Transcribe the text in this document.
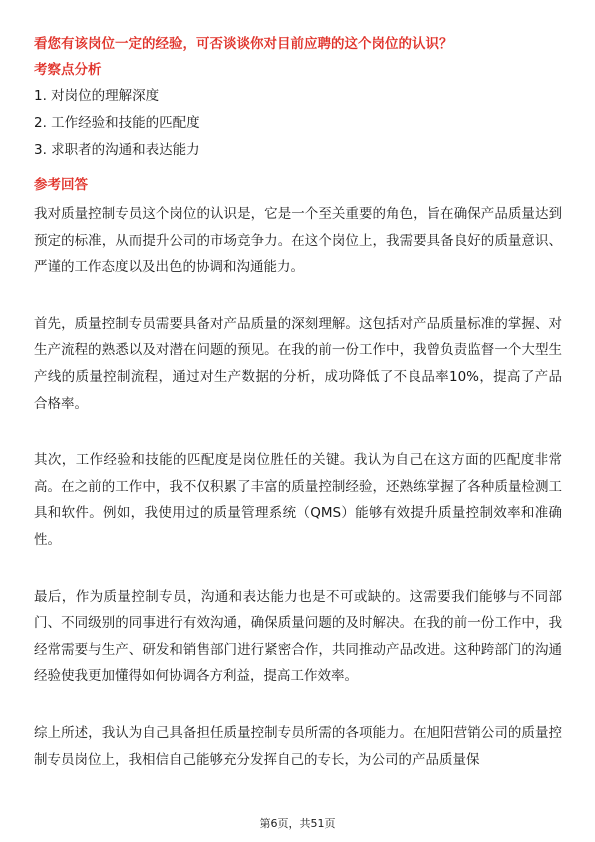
看您有该岗位一定的经验，可否谈谈你对目前应聘的这个岗位的认识？
考察点分析
1. 对岗位的理解深度
2. 工作经验和技能的匹配度
3. 求职者的沟通和表达能力
参考回答

我对质量控制专员这个岗位的认识是，它是一个至关重要的角色，旨在确保产品质量达到预定的标准，从而提升公司的市场竞争力。在这个岗位上，我需要具备良好的质量意识、严谨的工作态度以及出色的协调和沟通能力。

首先，质量控制专员需要具备对产品质量的深刻理解。这包括对产品质量标准的掌握、对生产流程的熟悉以及对潜在问题的预见。在我的前一份工作中，我曾负责监督一个大型生产线的质量控制流程，通过对生产数据的分析，成功降低了不良品率10%，提高了产品合格率。

其次，工作经验和技能的匹配度是岗位胜任的关键。我认为自己在这方面的匹配度非常高。在之前的工作中，我不仅积累了丰富的质量控制经验，还熟练掌握了各种质量检测工具和软件。例如，我使用过的质量管理系统（QMS）能够有效提升质量控制效率和准确性。

最后，作为质量控制专员，沟通和表达能力也是不可或缺的。这需要我们能够与不同部门、不同级别的同事进行有效沟通，确保质量问题的及时解决。在我的前一份工作中，我经常需要与生产、研发和销售部门进行紧密合作，共同推动产品改进。这种跨部门的沟通经验使我更加懂得如何协调各方利益，提高工作效率。

综上所述，我认为自己具备担任质量控制专员所需的各项能力。在旭阳营销公司的质量控制专员岗位上，我相信自己能够充分发挥自己的专长，为公司的产品质量保

第6页，共51页
